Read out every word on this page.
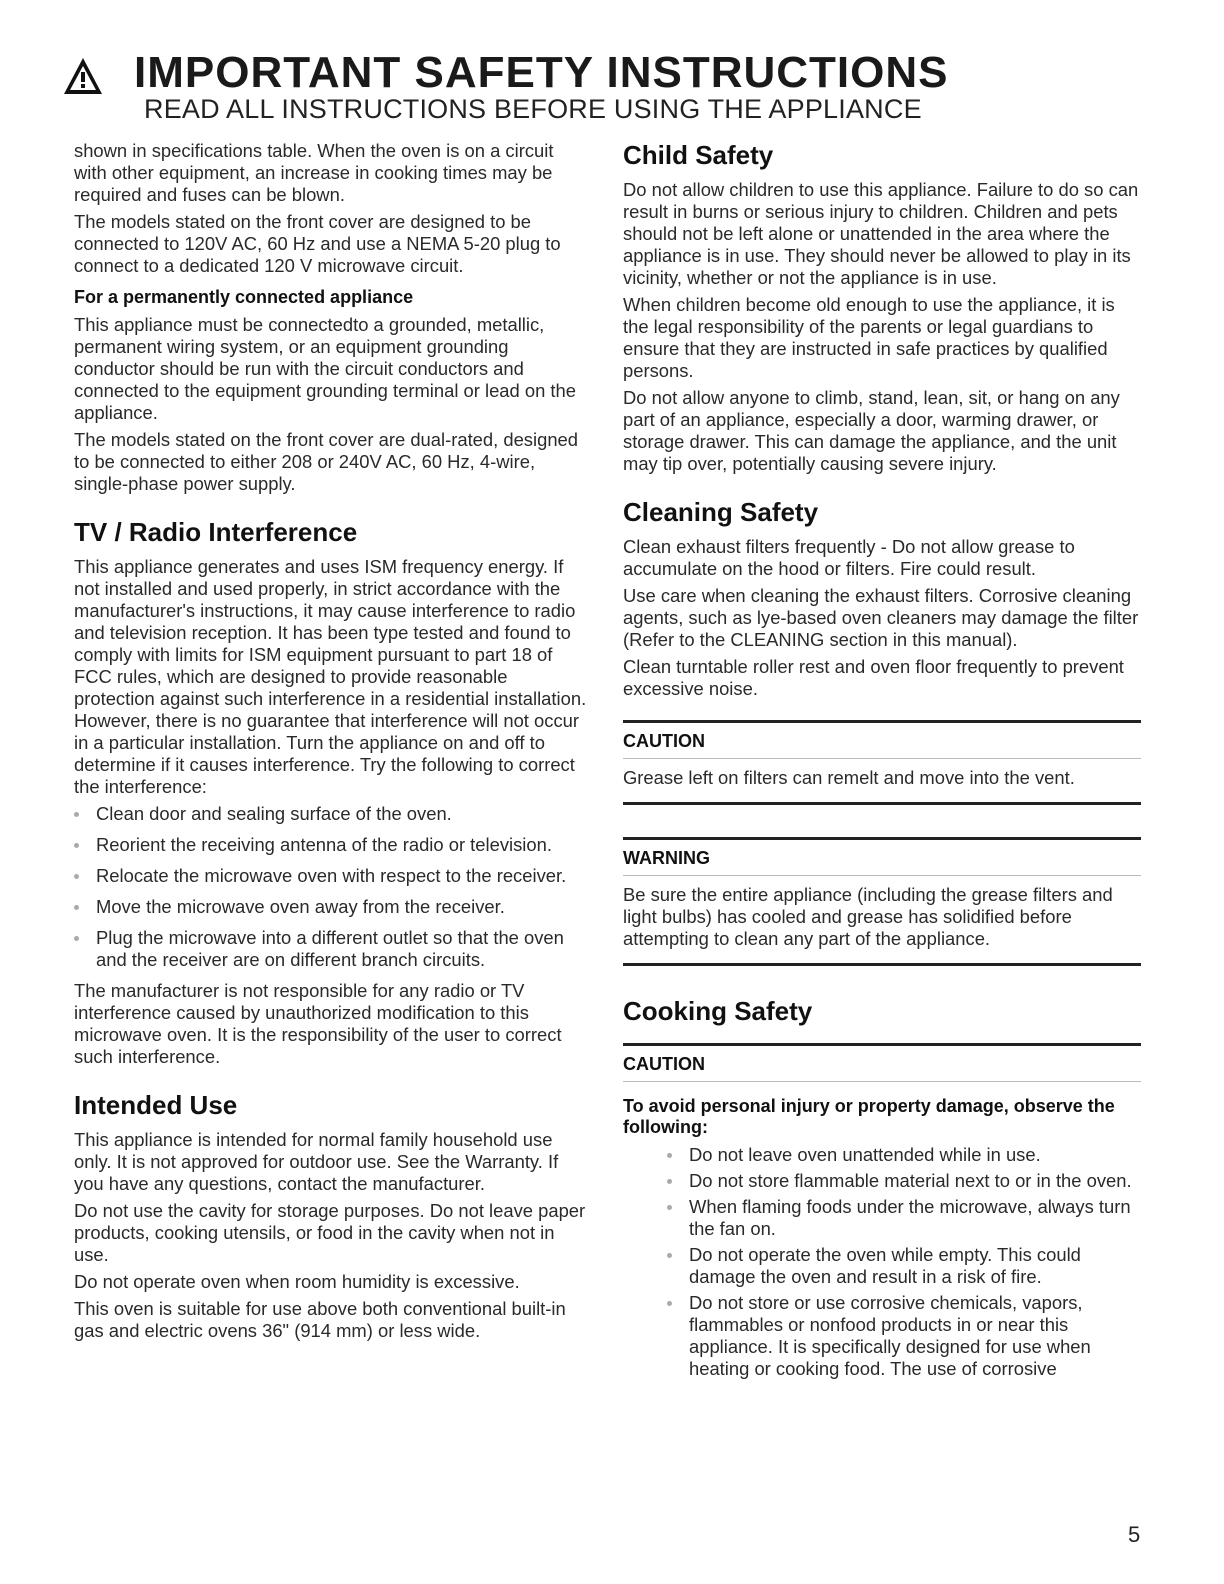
IMPORTANT SAFETY INSTRUCTIONS
READ ALL INSTRUCTIONS BEFORE USING THE APPLIANCE

shown in specifications table. When the oven is on a circuit with other equipment, an increase in cooking times may be required and fuses can be blown.

The models stated on the front cover are designed to be connected to 120V AC, 60 Hz and use a NEMA 5-20 plug to connect to a dedicated 120 V microwave circuit.

For a permanently connected appliance

This appliance must be connectedto a grounded, metallic, permanent wiring system, or an equipment grounding conductor should be run with the circuit conductors and connected to the equipment grounding terminal or lead on the appliance.

The models stated on the front cover are dual-rated, designed to be connected to either 208 or 240V AC, 60 Hz, 4-wire, single-phase power supply.

TV / Radio Interference

This appliance generates and uses ISM frequency energy. If not installed and used properly, in strict accordance with the manufacturer's instructions, it may cause interference to radio and television reception. It has been type tested and found to comply with limits for ISM equipment pursuant to part 18 of FCC rules, which are designed to provide reasonable protection against such interference in a residential installation. However, there is no guarantee that interference will not occur in a particular installation. Turn the appliance on and off to determine if it causes interference. Try the following to correct the interference:

Clean door and sealing surface of the oven.
Reorient the receiving antenna of the radio or television.
Relocate the microwave oven with respect to the receiver.
Move the microwave oven away from the receiver.
Plug the microwave into a different outlet so that the oven and the receiver are on different branch circuits.

The manufacturer is not responsible for any radio or TV interference caused by unauthorized modification to this microwave oven. It is the responsibility of the user to correct such interference.

Intended Use

This appliance is intended for normal family household use only. It is not approved for outdoor use. See the Warranty. If you have any questions, contact the manufacturer.

Do not use the cavity for storage purposes. Do not leave paper products, cooking utensils, or food in the cavity when not in use.

Do not operate oven when room humidity is excessive.

This oven is suitable for use above both conventional built-in gas and electric ovens 36" (914 mm) or less wide.

Child Safety

Do not allow children to use this appliance. Failure to do so can result in burns or serious injury to children. Children and pets should not be left alone or unattended in the area where the appliance is in use. They should never be allowed to play in its vicinity, whether or not the appliance is in use.

When children become old enough to use the appliance, it is the legal responsibility of the parents or legal guardians to ensure that they are instructed in safe practices by qualified persons.

Do not allow anyone to climb, stand, lean, sit, or hang on any part of an appliance, especially a door, warming drawer, or storage drawer. This can damage the appliance, and the unit may tip over, potentially causing severe injury.

Cleaning Safety

Clean exhaust filters frequently - Do not allow grease to accumulate on the hood or filters. Fire could result.

Use care when cleaning the exhaust filters. Corrosive cleaning agents, such as lye-based oven cleaners may damage the filter (Refer to the CLEANING section in this manual).

Clean turntable roller rest and oven floor frequently to prevent excessive noise.

CAUTION

Grease left on filters can remelt and move into the vent.

WARNING

Be sure the entire appliance (including the grease filters and light bulbs) has cooled and grease has solidified before attempting to clean any part of the appliance.

Cooking Safety
CAUTION
To avoid personal injury or property damage, observe the following:
Do not leave oven unattended while in use.
Do not store flammable material next to or in the oven.
When flaming foods under the microwave, always turn the fan on.
Do not operate the oven while empty. This could damage the oven and result in a risk of fire.
Do not store or use corrosive chemicals, vapors, flammables or nonfood products in or near this appliance. It is specifically designed for use when heating or cooking food. The use of corrosive
5
